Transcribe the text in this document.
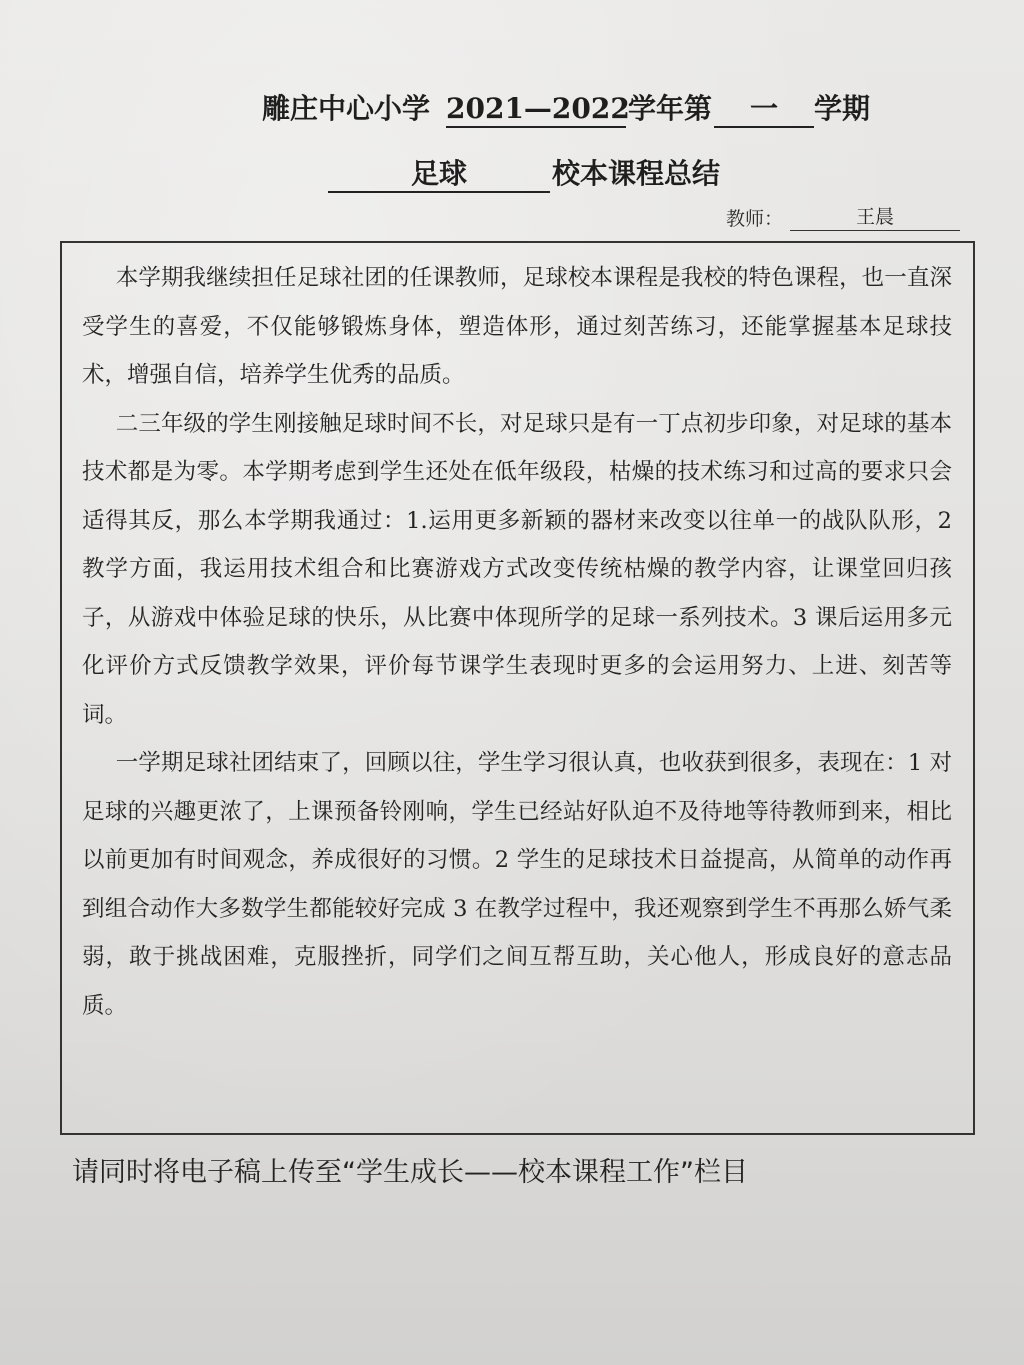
雕庄中心小学 2021—2022
学年第	一	学期
足球	校本课程总结
教师：	王晨

本学期我继续担任足球社团的任课教师，足球校本课程是我校的特色课程，也一直深受学生的喜爱，不仅能够锻炼身体，塑造体形，通过刻苦练习，还能掌握基本足球技术，增强自信，培养学生优秀的品质。

二三年级的学生刚接触足球时间不长，对足球只是有一丁点初步印象，对足球的基本技术都是为零。本学期考虑到学生还处在低年级段，枯燥的技术练习和过高的要求只会适得其反，那么本学期我通过：1.运用更多新颖的器材来改变以往单一的战队队形，2 教学方面，我运用技术组合和比赛游戏方式改变传统枯燥的教学内容，让课堂回归孩子，从游戏中体验足球的快乐，从比赛中体现所学的足球一系列技术。3 课后运用多元化评价方式反馈教学效果，评价每节课学生表现时更多的会运用努力、上进、刻苦等词。

一学期足球社团结束了，回顾以往，学生学习很认真，也收获到很多，表现在：1 对足球的兴趣更浓了，上课预备铃刚响，学生已经站好队迫不及待地等待教师到来，相比以前更加有时间观念，养成很好的习惯。2 学生的足球技术日益提高，从简单的动作再到组合动作大多数学生都能较好完成 3 在教学过程中，我还观察到学生不再那么娇气柔弱，敢于挑战困难，克服挫折，同学们之间互帮互助，关心他人，形成良好的意志品质。

请同时将电子稿上传至“学生成长——校本课程工作”栏目
